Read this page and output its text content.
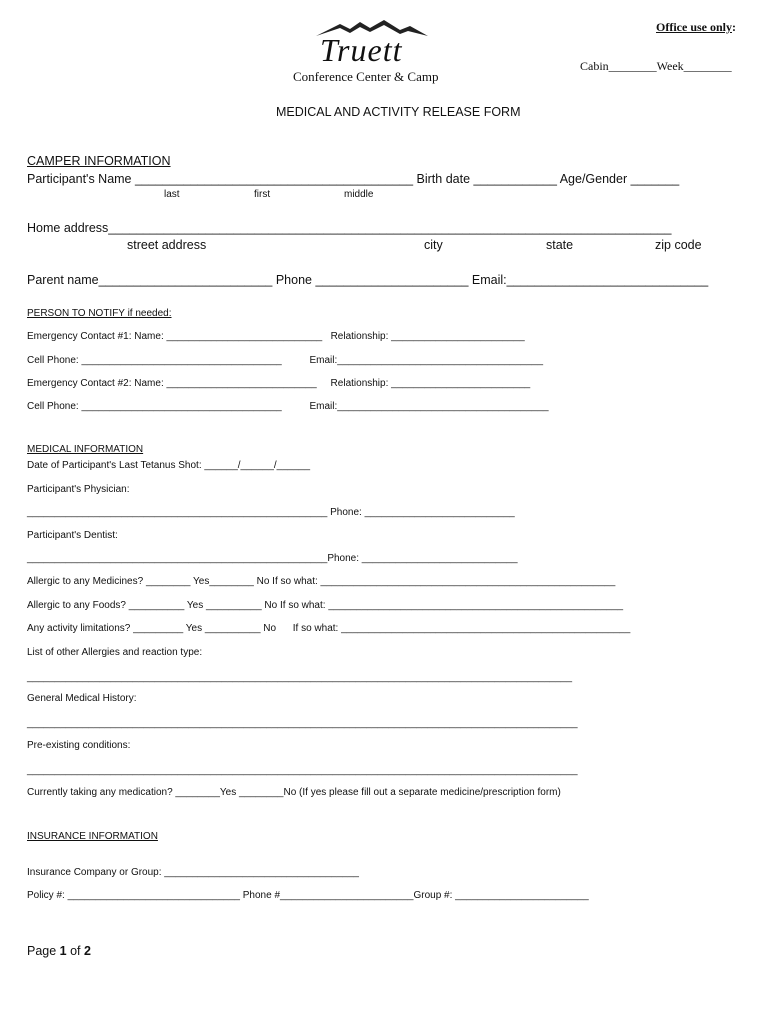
Office use only:
Cabin________Week________
Truett
Conference Center & Camp
MEDICAL AND ACTIVITY RELEASE FORM
CAMPER INFORMATION
Participant's Name ________________________________________ Birth date ____________ Age/Gender _______
last	first	middle
Home address_________________________________________________________________________________
street address	city	state	zip code
Parent name_________________________ Phone ______________________ Email:_____________________________
PERSON TO NOTIFY if needed:
Emergency Contact #1: Name: ____________________________   Relationship: ________________________
Cell Phone: ____________________________________          Email:_____________________________________
Emergency Contact #2: Name: ___________________________     Relationship: _________________________
Cell Phone: ____________________________________          Email:______________________________________
MEDICAL INFORMATION
Date of Participant's Last Tetanus Shot: ______/______/______
Participant's Physician:
______________________________________________________ Phone: ___________________________
Participant's Dentist:
______________________________________________________Phone: ____________________________
Allergic to any Medicines? ________ Yes________ No If so what: _____________________________________________________
Allergic to any Foods? __________ Yes __________ No If so what: _____________________________________________________
Any activity limitations? _________ Yes __________ No      If so what: ____________________________________________________
List of other Allergies and reaction type:
__________________________________________________________________________________________________
General Medical History:
___________________________________________________________________________________________________
Pre-existing conditions:
___________________________________________________________________________________________________
Currently taking any medication? ________Yes ________No (If yes please fill out a separate medicine/prescription form)
INSURANCE INFORMATION
Insurance Company or Group: ___________________________________
Policy #: _______________________________ Phone #________________________Group #: ________________________
Page 1 of 2
